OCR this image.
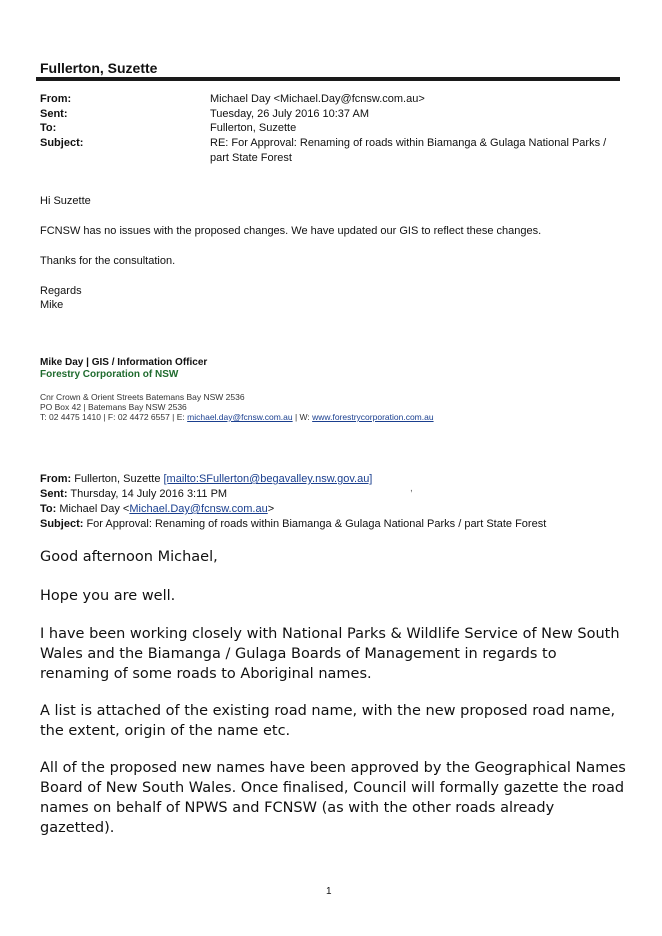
Fullerton, Suzette
From:	Michael Day <Michael.Day@fcnsw.com.au>
Sent:	Tuesday, 26 July 2016 10:37 AM
To:	Fullerton, Suzette
Subject:	RE: For Approval: Renaming of roads within Biamanga & Gulaga National Parks /
part State Forest
Hi Suzette
FCNSW has no issues with the proposed changes. We have updated our GIS to reflect these changes.
Thanks for the consultation.
Regards
Mike
Mike Day | GIS / Information Officer
Forestry Corporation of NSW
Cnr Crown & Orient Streets Batemans Bay NSW 2536
PO Box 42 | Batemans Bay NSW 2536
T: 02 4475 1410 | F: 02 4472 6557 | E: michael.day@fcnsw.com.au | W: www.forestrycorporation.com.au
,
From: Fullerton, Suzette [mailto:SFullerton@begavalley.nsw.gov.au]
Sent: Thursday, 14 July 2016 3:11 PM
To: Michael Day <Michael.Day@fcnsw.com.au>
Subject: For Approval: Renaming of roads within Biamanga & Gulaga National Parks / part State Forest
Good afternoon Michael,
Hope you are well.
I have been working closely with National Parks & Wildlife Service of New South Wales and the Biamanga / Gulaga Boards of Management in regards to renaming of some roads to Aboriginal names.
A list is attached of the existing road name, with the new proposed road name, the extent, origin of the name etc.
All of the proposed new names have been approved by the Geographical Names Board of New South Wales. Once finalised, Council will formally gazette the road names on behalf of NPWS and FCNSW (as with the other roads already gazetted).
1
